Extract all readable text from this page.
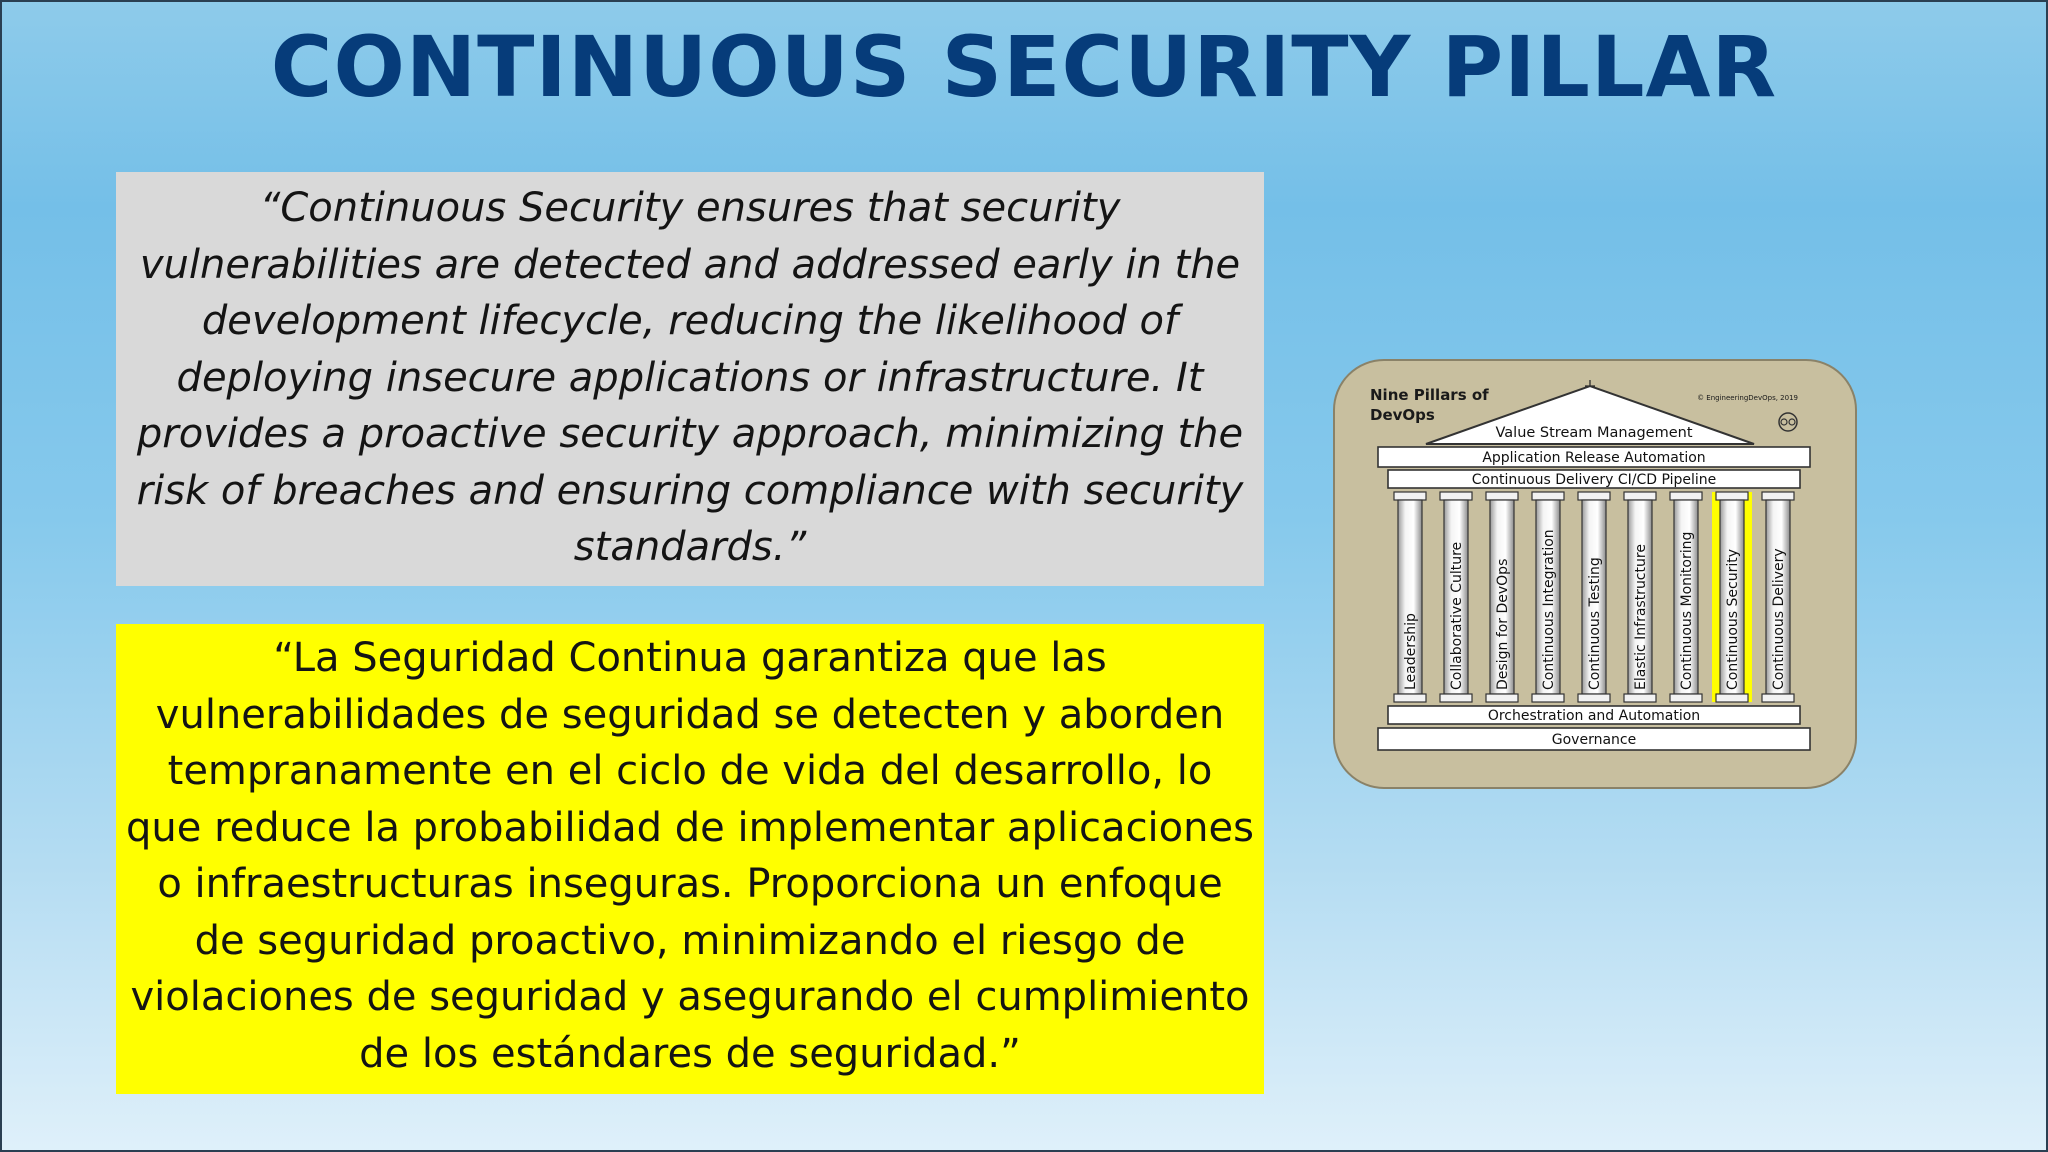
CONTINUOUS SECURITY PILLAR
“Continuous Security ensures that security vulnerabilities are detected and addressed early in the development lifecycle, reducing the likelihood of deploying insecure applications or infrastructure. It provides a proactive security approach, minimizing the risk of breaches and ensuring compliance with security standards.”
“La Seguridad Continua garantiza que las vulnerabilidades de seguridad se detecten y aborden tempranamente en el ciclo de vida del desarrollo, lo que reduce la probabilidad de implementar aplicaciones o infraestructuras inseguras. Proporciona un enfoque de seguridad proactivo, minimizando el riesgo de violaciones de seguridad y asegurando el cumplimiento de los estándares de seguridad.”
Nine Pillars of
DevOps
© EngineeringDevOps, 2019
Value Stream Management
Application Release Automation
Continuous Delivery CI/CD Pipeline
Leadership Collaborative Culture Design for DevOps Continuous Integration Continuous Testing Elastic Infrastructure Continuous Monitoring Continuous Security Continuous Delivery
Orchestration and Automation
Governance
